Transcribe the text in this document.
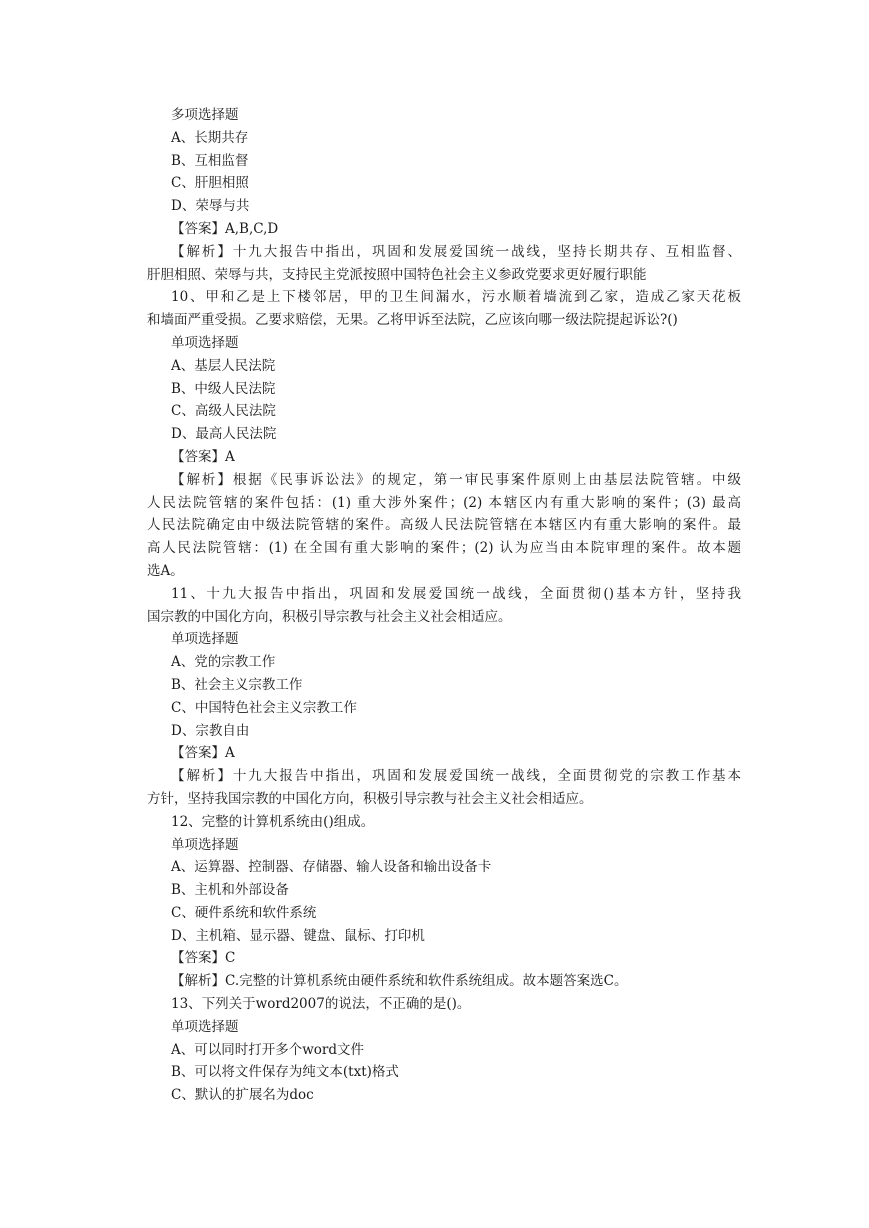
多项选择题
A、长期共存
B、互相监督
C、肝胆相照
D、荣辱与共
【答案】A,B,C,D
【解析】十九大报告中指出，巩固和发展爱国统一战线，坚持长期共存、互相监督、
肝胆相照、荣辱与共，支持民主党派按照中国特色社会主义参政党要求更好履行职能
10、甲和乙是上下楼邻居，甲的卫生间漏水，污水顺着墙流到乙家，造成乙家天花板
和墙面严重受损。乙要求赔偿，无果。乙将甲诉至法院，乙应该向哪一级法院提起诉讼?()
单项选择题
A、基层人民法院
B、中级人民法院
C、高级人民法院
D、最高人民法院
【答案】A
【解析】根据《民事诉讼法》的规定，第一审民事案件原则上由基层法院管辖。中级
人民法院管辖的案件包括：(1) 重大涉外案件；(2) 本辖区内有重大影响的案件；(3) 最高
人民法院确定由中级法院管辖的案件。高级人民法院管辖在本辖区内有重大影响的案件。最
高人民法院管辖：(1) 在全国有重大影响的案件；(2) 认为应当由本院审理的案件。故本题
选A。
11、十九大报告中指出，巩固和发展爱国统一战线，全面贯彻()基本方针，坚持我
国宗教的中国化方向，积极引导宗教与社会主义社会相适应。
单项选择题
A、党的宗教工作
B、社会主义宗教工作
C、中国特色社会主义宗教工作
D、宗教自由
【答案】A
【解析】十九大报告中指出，巩固和发展爱国统一战线，全面贯彻党的宗教工作基本
方针，坚持我国宗教的中国化方向，积极引导宗教与社会主义社会相适应。
12、完整的计算机系统由()组成。
单项选择题
A、运算器、控制器、存储器、输人设备和输出设备卡
B、主机和外部设备
C、硬件系统和软件系统
D、主机箱、显示器、键盘、鼠标、打印机
【答案】C
【解析】C.完整的计算机系统由硬件系统和软件系统组成。故本题答案选C。
13、下列关于word2007的说法，不正确的是()。
单项选择题
A、可以同时打开多个word文件
B、可以将文件保存为纯文本(txt)格式
C、默认的扩展名为doc
